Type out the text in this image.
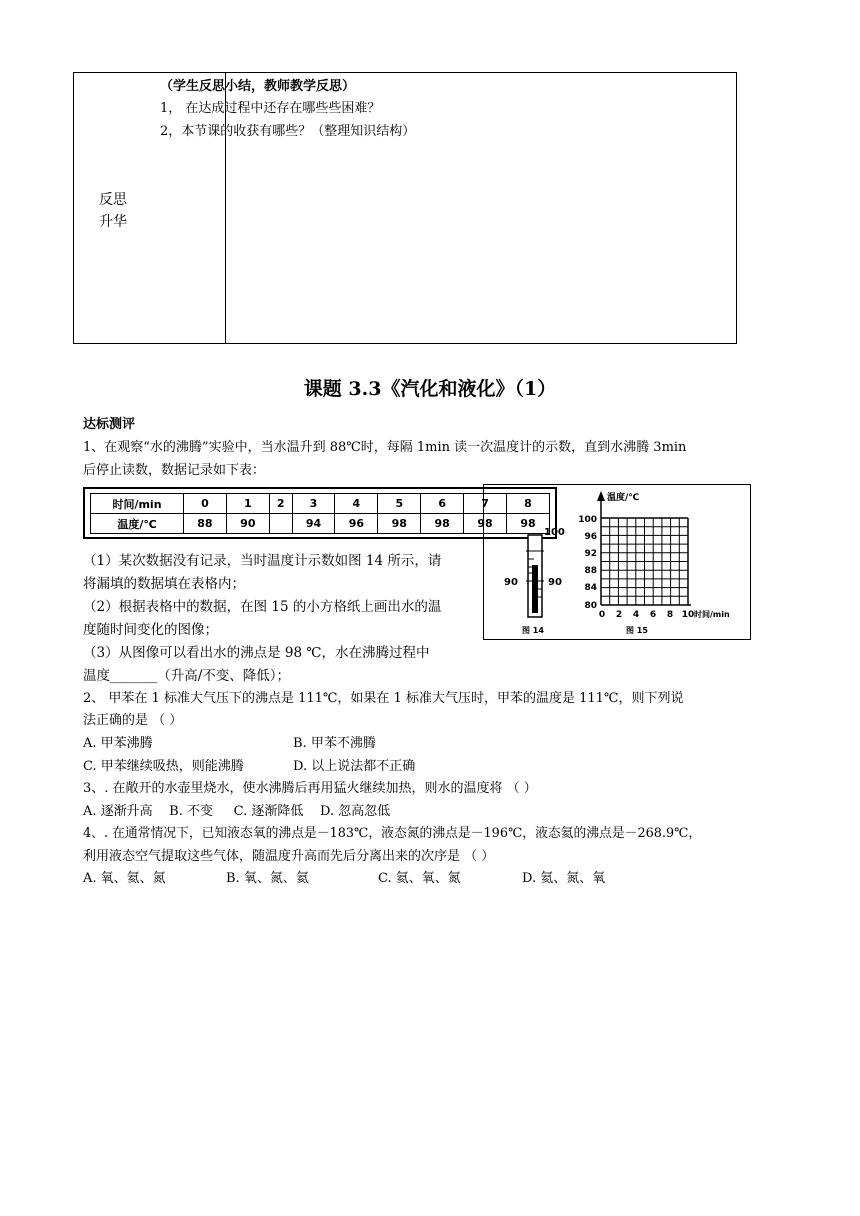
反思
升华
（学生反思小结，教师教学反思）
1， 在达成过程中还存在哪些些困难？
2，本节课的收获有哪些？（整理知识结构）
课题 3.3《汽化和液化》（1）
达标测评
1、在观察“水的沸腾”实验中，当水温升到 88℃时，每隔 1min 读一次温度计的示数，直到水沸腾 3min
后停止读数，数据记录如下表：
时间/min	0	1	2	3	4	5	6	7	8
温度/℃	88	90		94	96	98	98	98	98
100
90	90
图 14
温度/℃
100
96
92
88
84
80
0 2 4 6 8 10 时间/min
图 15
（1）某次数据没有记录，当时温度计示数如图 14 所示，请
将漏填的数据填在表格内；
（2）根据表格中的数据，在图 15 的小方格纸上画出水的温
度随时间变化的图像；
（3）从图像可以看出水的沸点是 98 ℃，水在沸腾过程中
温度_______（升高/不变、降低）；
2、 甲苯在 1 标准大气压下的沸点是 111℃，如果在 1 标准大气压时，甲苯的温度是 111℃，则下列说
法正确的是 （ ）
A. 甲苯沸腾	B. 甲苯不沸腾
C. 甲苯继续吸热，则能沸腾	D. 以上说法都不正确
3、. 在敞开的水壶里烧水，使水沸腾后再用猛火继续加热，则水的温度将 （ ）
A. 逐渐升高    B. 不变     C. 逐渐降低    D. 忽高忽低
4、. 在通常情况下，已知液态氧的沸点是－183℃，液态氮的沸点是－196℃，液态氦的沸点是－268.9℃，
利用液态空气提取这些气体，随温度升高而先后分离出来的次序是 （ ）
A. 氧、氦、氮	B. 氧、氮、氦	C. 氦、氧、氮	D. 氦、氮、氧
